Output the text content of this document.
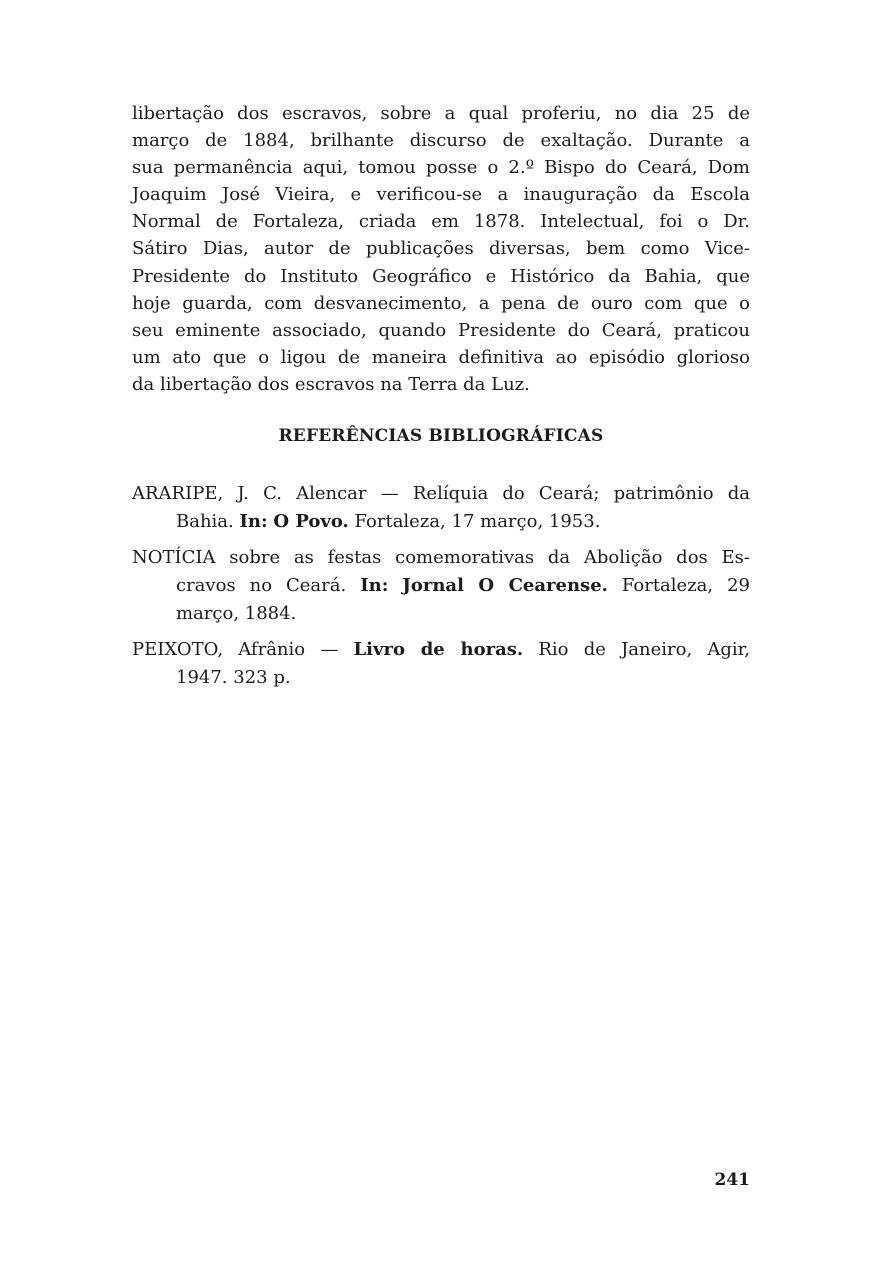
libertação dos escravos, sobre a qual proferiu, no dia 25 de
março de 1884, brilhante discurso de exaltação. Durante a
sua permanência aqui, tomou posse o 2.º Bispo do Ceará, Dom
Joaquim José Vieira, e verificou-se a inauguração da Escola
Normal de Fortaleza, criada em 1878. Intelectual, foi o Dr.
Sátiro Dias, autor de publicações diversas, bem como Vice-
Presidente do Instituto Geográfico e Histórico da Bahia, que
hoje guarda, com desvanecimento, a pena de ouro com que o
seu eminente associado, quando Presidente do Ceará, praticou
um ato que o ligou de maneira definitiva ao episódio glorioso
da libertação dos escravos na Terra da Luz.
REFERÊNCIAS BIBLIOGRÁFICAS
ARARIPE, J. C. Alencar — Relíquia do Ceará; patrimônio da
Bahia. In: O Povo. Fortaleza, 17 março, 1953.
NOTÍCIA sobre as festas comemorativas da Abolição dos Es-
cravos no Ceará. In: Jornal O Cearense. Fortaleza, 29
março, 1884.
PEIXOTO, Afrânio — Livro de horas. Rio de Janeiro, Agir,
1947. 323 p.
241
